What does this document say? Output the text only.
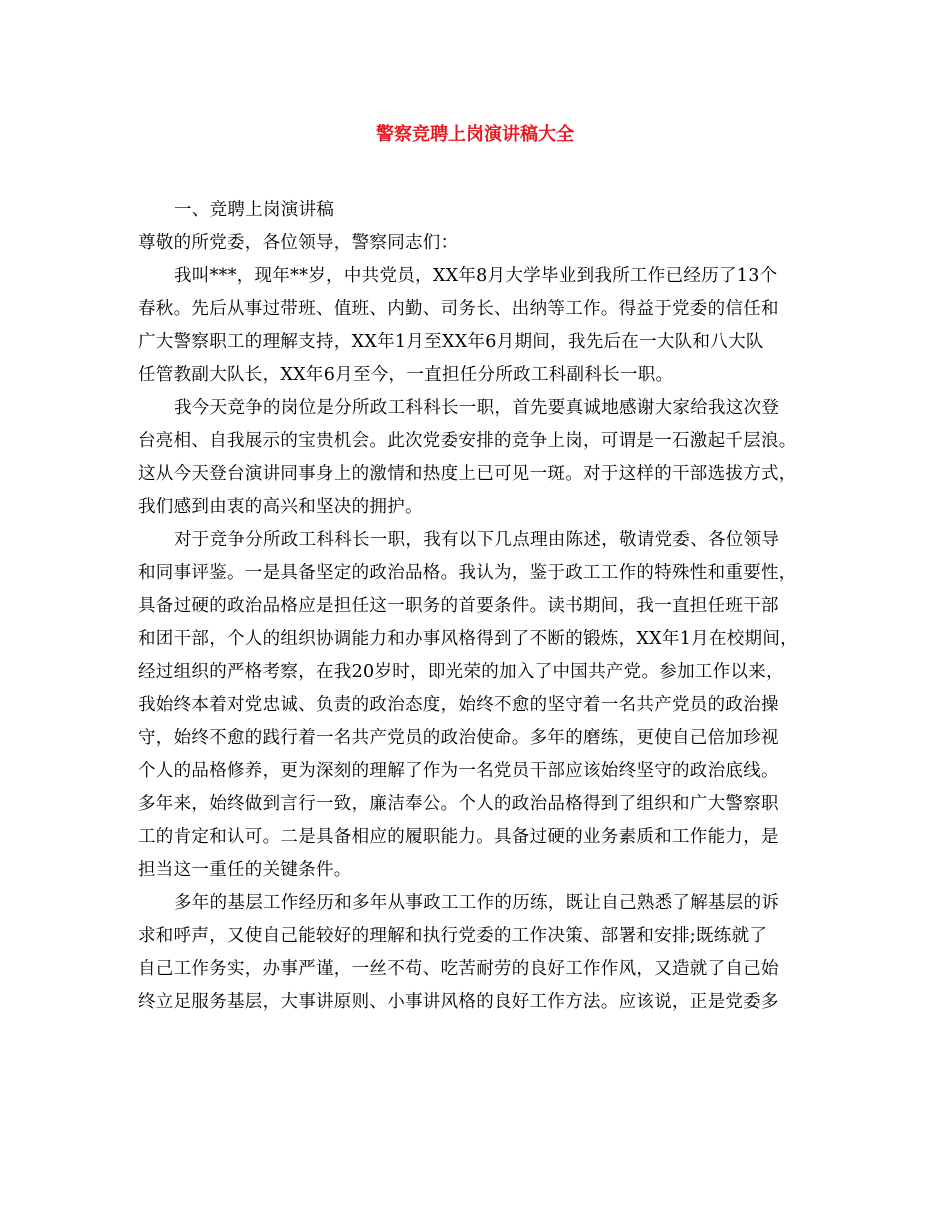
警察竞聘上岗演讲稿大全
一、竞聘上岗演讲稿
尊敬的所党委，各位领导，警察同志们：
我叫***，现年**岁，中共党员，XX年8月大学毕业到我所工作已经历了13个
春秋。先后从事过带班、值班、内勤、司务长、出纳等工作。得益于党委的信任和
广大警察职工的理解支持，XX年1月至XX年6月期间，我先后在一大队和八大队
任管教副大队长，XX年6月至今，一直担任分所政工科副科长一职。
我今天竞争的岗位是分所政工科科长一职，首先要真诚地感谢大家给我这次登
台亮相、自我展示的宝贵机会。此次党委安排的竞争上岗，可谓是一石激起千层浪。
这从今天登台演讲同事身上的激情和热度上已可见一斑。对于这样的干部选拔方式，
我们感到由衷的高兴和坚决的拥护。
对于竞争分所政工科科长一职，我有以下几点理由陈述，敬请党委、各位领导
和同事评鉴。一是具备坚定的政治品格。我认为，鉴于政工工作的特殊性和重要性，
具备过硬的政治品格应是担任这一职务的首要条件。读书期间，我一直担任班干部
和团干部，个人的组织协调能力和办事风格得到了不断的锻炼，XX年1月在校期间，
经过组织的严格考察，在我20岁时，即光荣的加入了中国共产党。参加工作以来，
我始终本着对党忠诚、负责的政治态度，始终不愈的坚守着一名共产党员的政治操
守，始终不愈的践行着一名共产党员的政治使命。多年的磨练，更使自己倍加珍视
个人的品格修养，更为深刻的理解了作为一名党员干部应该始终坚守的政治底线。
多年来，始终做到言行一致，廉洁奉公。个人的政治品格得到了组织和广大警察职
工的肯定和认可。二是具备相应的履职能力。具备过硬的业务素质和工作能力，是
担当这一重任的关键条件。
多年的基层工作经历和多年从事政工工作的历练，既让自己熟悉了解基层的诉
求和呼声，又使自己能较好的理解和执行党委的工作决策、部署和安排;既练就了
自己工作务实，办事严谨，一丝不苟、吃苦耐劳的良好工作作风，又造就了自己始
终立足服务基层，大事讲原则、小事讲风格的良好工作方法。应该说，正是党委多
